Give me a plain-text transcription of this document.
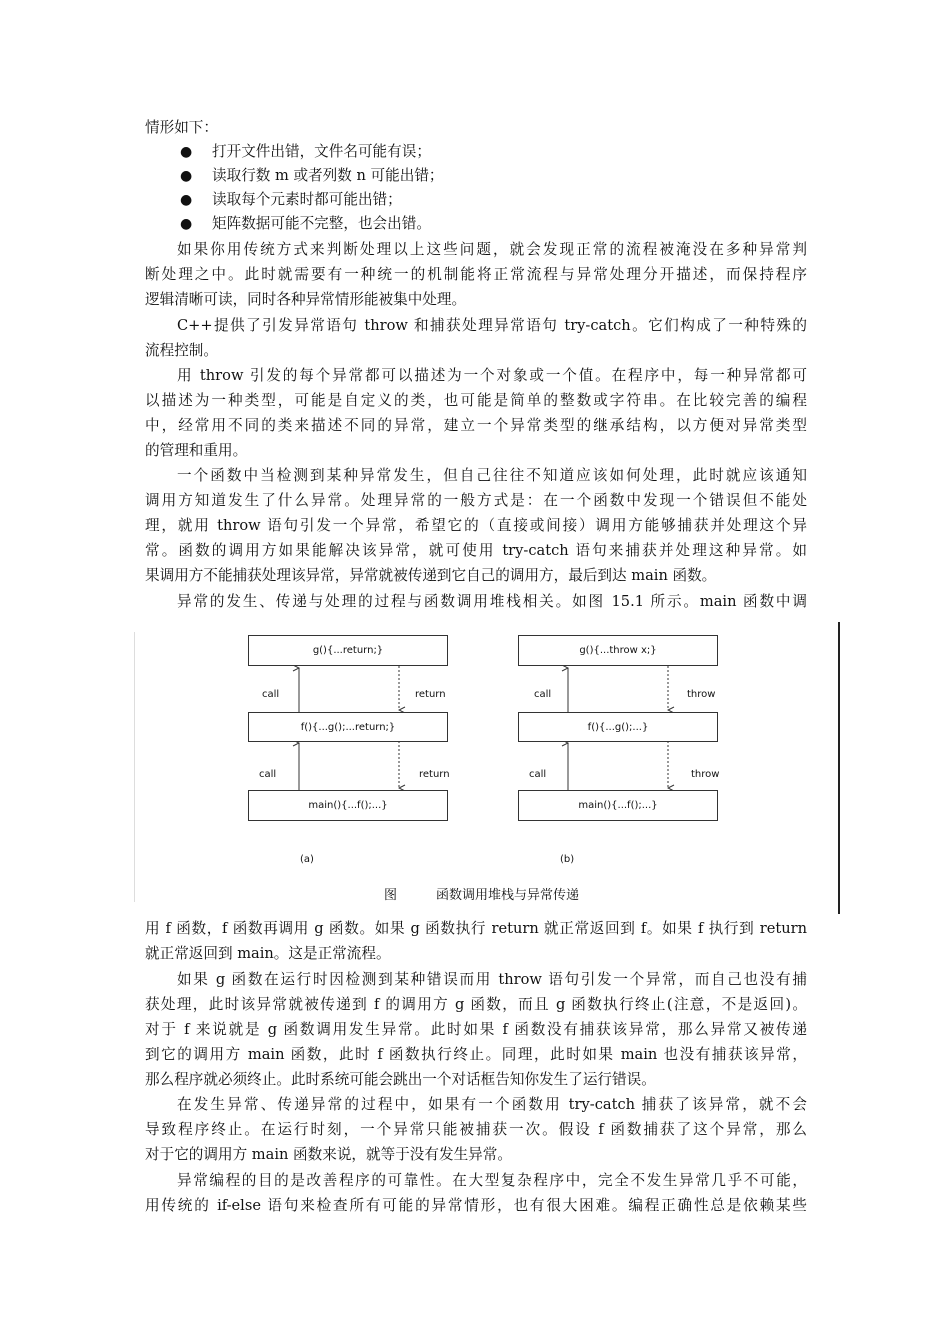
情形如下：
● 打开文件出错，文件名可能有误；
● 读取行数 m 或者列数 n 可能出错；
● 读取每个元素时都可能出错；
● 矩阵数据可能不完整，也会出错。
如果你用传统方式来判断处理以上这些问题，就会发现正常的流程被淹没在多种异常判
断处理之中。此时就需要有一种统一的机制能将正常流程与异常处理分开描述，而保持程序
逻辑清晰可读，同时各种异常情形能被集中处理。
C++提供了引发异常语句 throw 和捕获处理异常语句 try-catch。它们构成了一种特殊的
流程控制。
用 throw 引发的每个异常都可以描述为一个对象或一个值。在程序中，每一种异常都可
以描述为一种类型，可能是自定义的类，也可能是简单的整数或字符串。在比较完善的编程
中，经常用不同的类来描述不同的异常，建立一个异常类型的继承结构，以方便对异常类型
的管理和重用。
一个函数中当检测到某种异常发生，但自己往往不知道应该如何处理，此时就应该通知
调用方知道发生了什么异常。处理异常的一般方式是：在一个函数中发现一个错误但不能处
理，就用 throw 语句引发一个异常，希望它的（直接或间接）调用方能够捕获并处理这个异
常。函数的调用方如果能解决该异常，就可使用 try-catch 语句来捕获并处理这种异常。如
果调用方不能捕获处理该异常，异常就被传递到它自己的调用方，最后到达 main 函数。
异常的发生、传递与处理的过程与函数调用堆栈相关。如图 15.1 所示。main 函数中调
用 f 函数，f 函数再调用 g 函数。如果 g 函数执行 return 就正常返回到 f。如果 f 执行到 return
就正常返回到 main。这是正常流程。
如果 g 函数在运行时因检测到某种错误而用 throw 语句引发一个异常，而自己也没有捕
获处理，此时该异常就被传递到 f 的调用方 g 函数，而且 g 函数执行终止(注意，不是返回)。
对于 f 来说就是 g 函数调用发生异常。此时如果 f 函数没有捕获该异常，那么异常又被传递
到它的调用方 main 函数，此时 f 函数执行终止。同理，此时如果 main 也没有捕获该异常，
那么程序就必须终止。此时系统可能会跳出一个对话框告知你发生了运行错误。
在发生异常、传递异常的过程中，如果有一个函数用 try-catch 捕获了该异常，就不会
导致程序终止。在运行时刻，一个异常只能被捕获一次。假设 f 函数捕获了这个异常，那么
对于它的调用方 main 函数来说，就等于没有发生异常。
异常编程的目的是改善程序的可靠性。在大型复杂程序中，完全不发生异常几乎不可能，
用传统的 if-else 语句来检查所有可能的异常情形，也有很大困难。编程正确性总是依赖某些
g(){...return;}
f(){...g();...return;}
main(){...f();...}
call	return
call	return
(a)
g(){...throw x;}
f(){...g();...}
main(){...f();...}
call	throw
call	throw
(b)
图	函数调用堆栈与异常传递
